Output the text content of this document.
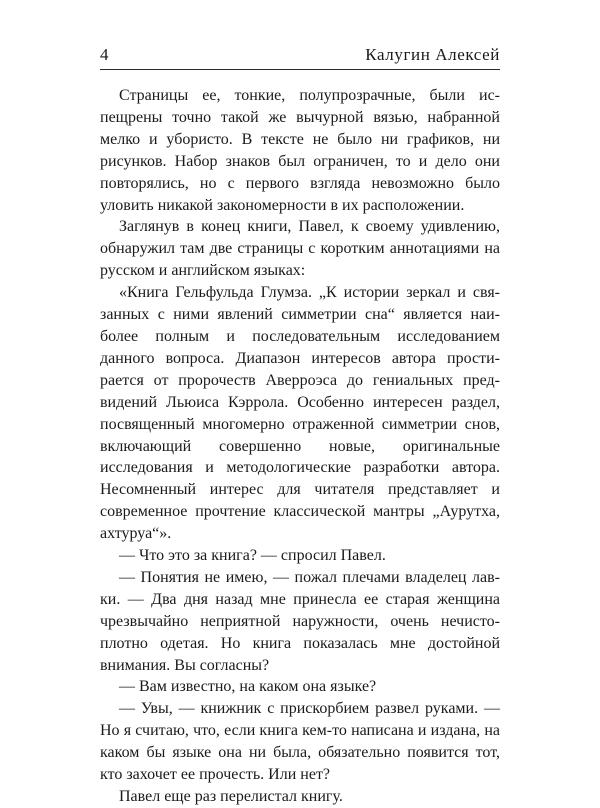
4	Калугин Алексей

Страницы ее, тонкие, полупрозрачные, были испещрены точно такой же вычурной вязью, набранной мелко и убористо. В тексте не было ни графиков, ни рисунков. Набор знаков был ограничен, то и дело они повторялись, но с первого взгляда невозможно было уловить никакой закономерности в их расположении.

Заглянув в конец книги, Павел, к своему удивлению, обнаружил там две страницы с коротким аннотациями на русском и английском языках:

«Книга Гельфульда Глумза. „К истории зеркал и связанных с ними явлений симметрии сна“ является наиболее полным и последовательным исследованием данного вопроса. Диапазон интересов автора простирается от пророчеств Аверроэса до гениальных предвидений Льюиса Кэррола. Особенно интересен раздел, посвященный многомерно отраженной симметрии снов, включающий совершенно новые, оригинальные исследования и методологические разработки автора. Несомненный интерес для читателя представляет и современное прочтение классической мантры „Аурутха, ахтуруа“».

— Что это за книга? — спросил Павел.

— Понятия не имею, — пожал плечами владелец лавки. — Два дня назад мне принесла ее старая женщина чрезвычайно неприятной наружности, очень нечистоплотно одетая. Но книга показалась мне достойной внимания. Вы согласны?

— Вам известно, на каком она языке?

— Увы, — книжник с прискорбием развел руками. — Но я считаю, что, если книга кем-то написана и издана, на каком бы языке она ни была, обязательно появится тот, кто захочет ее прочесть. Или нет?

Павел еще раз перелистал книгу.
